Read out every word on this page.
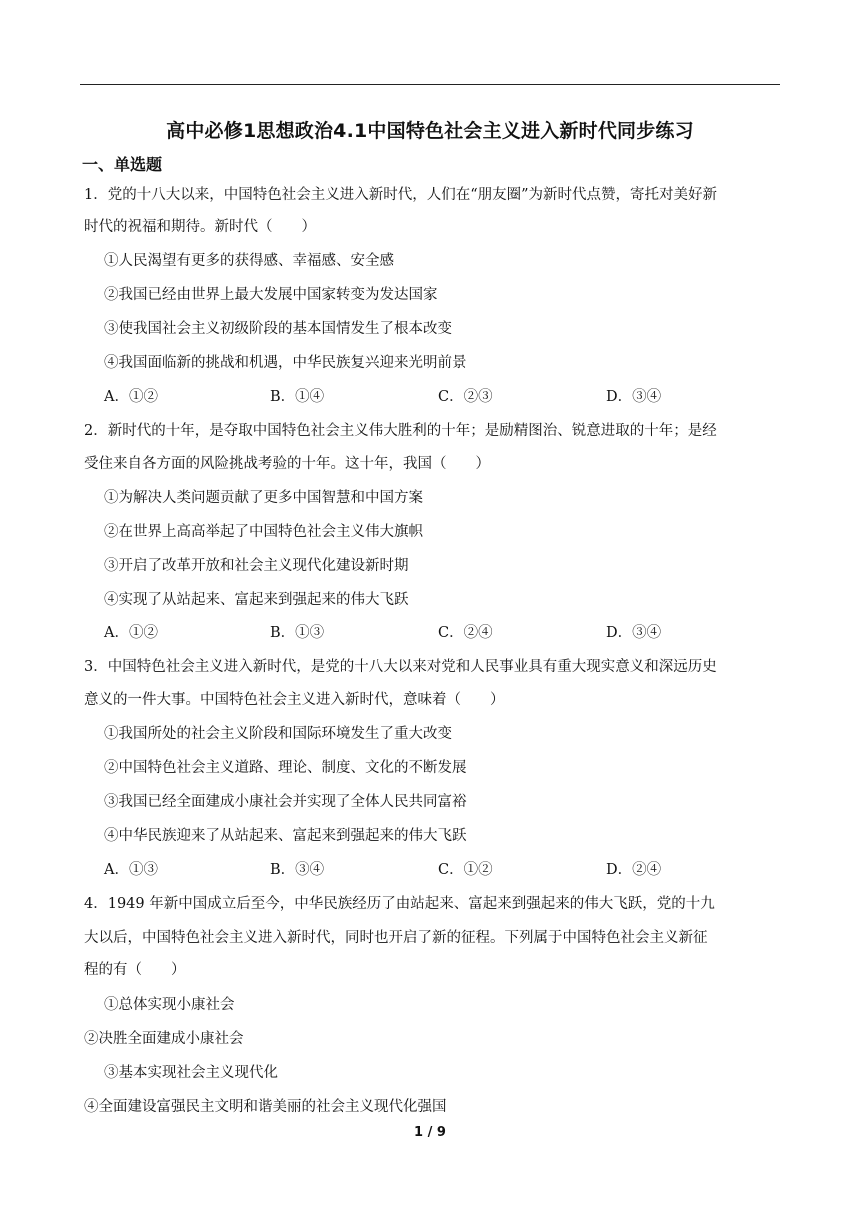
高中必修1思想政治4.1中国特色社会主义进入新时代同步练习
一、单选题
1．党的十八大以来，中国特色社会主义进入新时代，人们在“朋友圈”为新时代点赞，寄托对美好新
时代的祝福和期待。新时代（　　）
①人民渴望有更多的获得感、幸福感、安全感
②我国已经由世界上最大发展中国家转变为发达国家
③使我国社会主义初级阶段的基本国情发生了根本改变
④我国面临新的挑战和机遇，中华民族复兴迎来光明前景
A．①②	B．①④	C．②③	D．③④
2．新时代的十年，是夺取中国特色社会主义伟大胜利的十年；是励精图治、锐意进取的十年；是经
受住来自各方面的风险挑战考验的十年。这十年，我国（　　）
①为解决人类问题贡献了更多中国智慧和中国方案
②在世界上高高举起了中国特色社会主义伟大旗帜
③开启了改革开放和社会主义现代化建设新时期
④实现了从站起来、富起来到强起来的伟大飞跃
A．①②	B．①③	C．②④	D．③④
3．中国特色社会主义进入新时代，是党的十八大以来对党和人民事业具有重大现实意义和深远历史
意义的一件大事。中国特色社会主义进入新时代，意味着（　　）
①我国所处的社会主义阶段和国际环境发生了重大改变
②中国特色社会主义道路、理论、制度、文化的不断发展
③我国已经全面建成小康社会并实现了全体人民共同富裕
④中华民族迎来了从站起来、富起来到强起来的伟大飞跃
A．①③	B．③④	C．①②	D．②④
4．1949 年新中国成立后至今，中华民族经历了由站起来、富起来到强起来的伟大飞跃，党的十九
大以后，中国特色社会主义进入新时代，同时也开启了新的征程。下列属于中国特色社会主义新征
程的有（　　）
①总体实现小康社会
②决胜全面建成小康社会
③基本实现社会主义现代化
④全面建设富强民主文明和谐美丽的社会主义现代化强国
1 / 9
